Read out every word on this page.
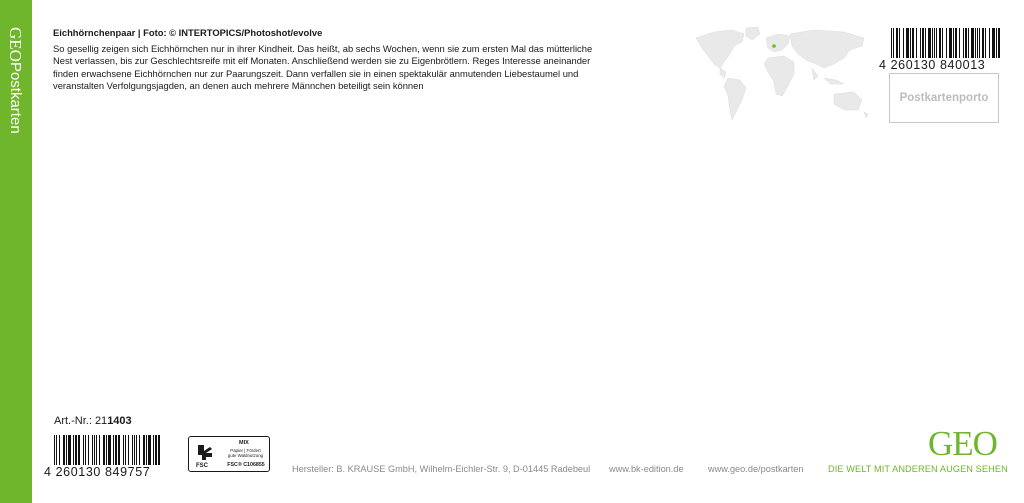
GEOPostkarten
Eichhörnchenpaar | Foto: © INTERTOPICS/Photoshot/evolve
So gesellig zeigen sich Eichhörnchen nur in ihrer Kindheit. Das heißt, ab sechs Wochen, wenn sie zum ersten Mal das mütterliche
Nest verlassen, bis zur Geschlechtsreife mit elf Monaten. Anschließend werden sie zu Eigenbrötlern. Reges Interesse aneinander
finden erwachsene Eichhörnchen nur zur Paarungszeit. Dann verfallen sie in einen spektakulär anmutenden Liebestaumel und
veranstalten Verfolgungsjagden, an denen auch mehrere Männchen beteiligt sein können
4 260130 840013
Postkartenporto
Art.-Nr.: 211403
4 260130 849757	FSC
MIX
Papier | Fördert
gute Waldnutzung
FSC® C106855	Hersteller: B. KRAUSE GmbH, Wilhelm-Eichler-Str. 9, D-01445 Radebeul www.bk-edition.de	www.geo.de/postkarten
GEO
DIE WELT MIT ANDEREN AUGEN SEHEN
